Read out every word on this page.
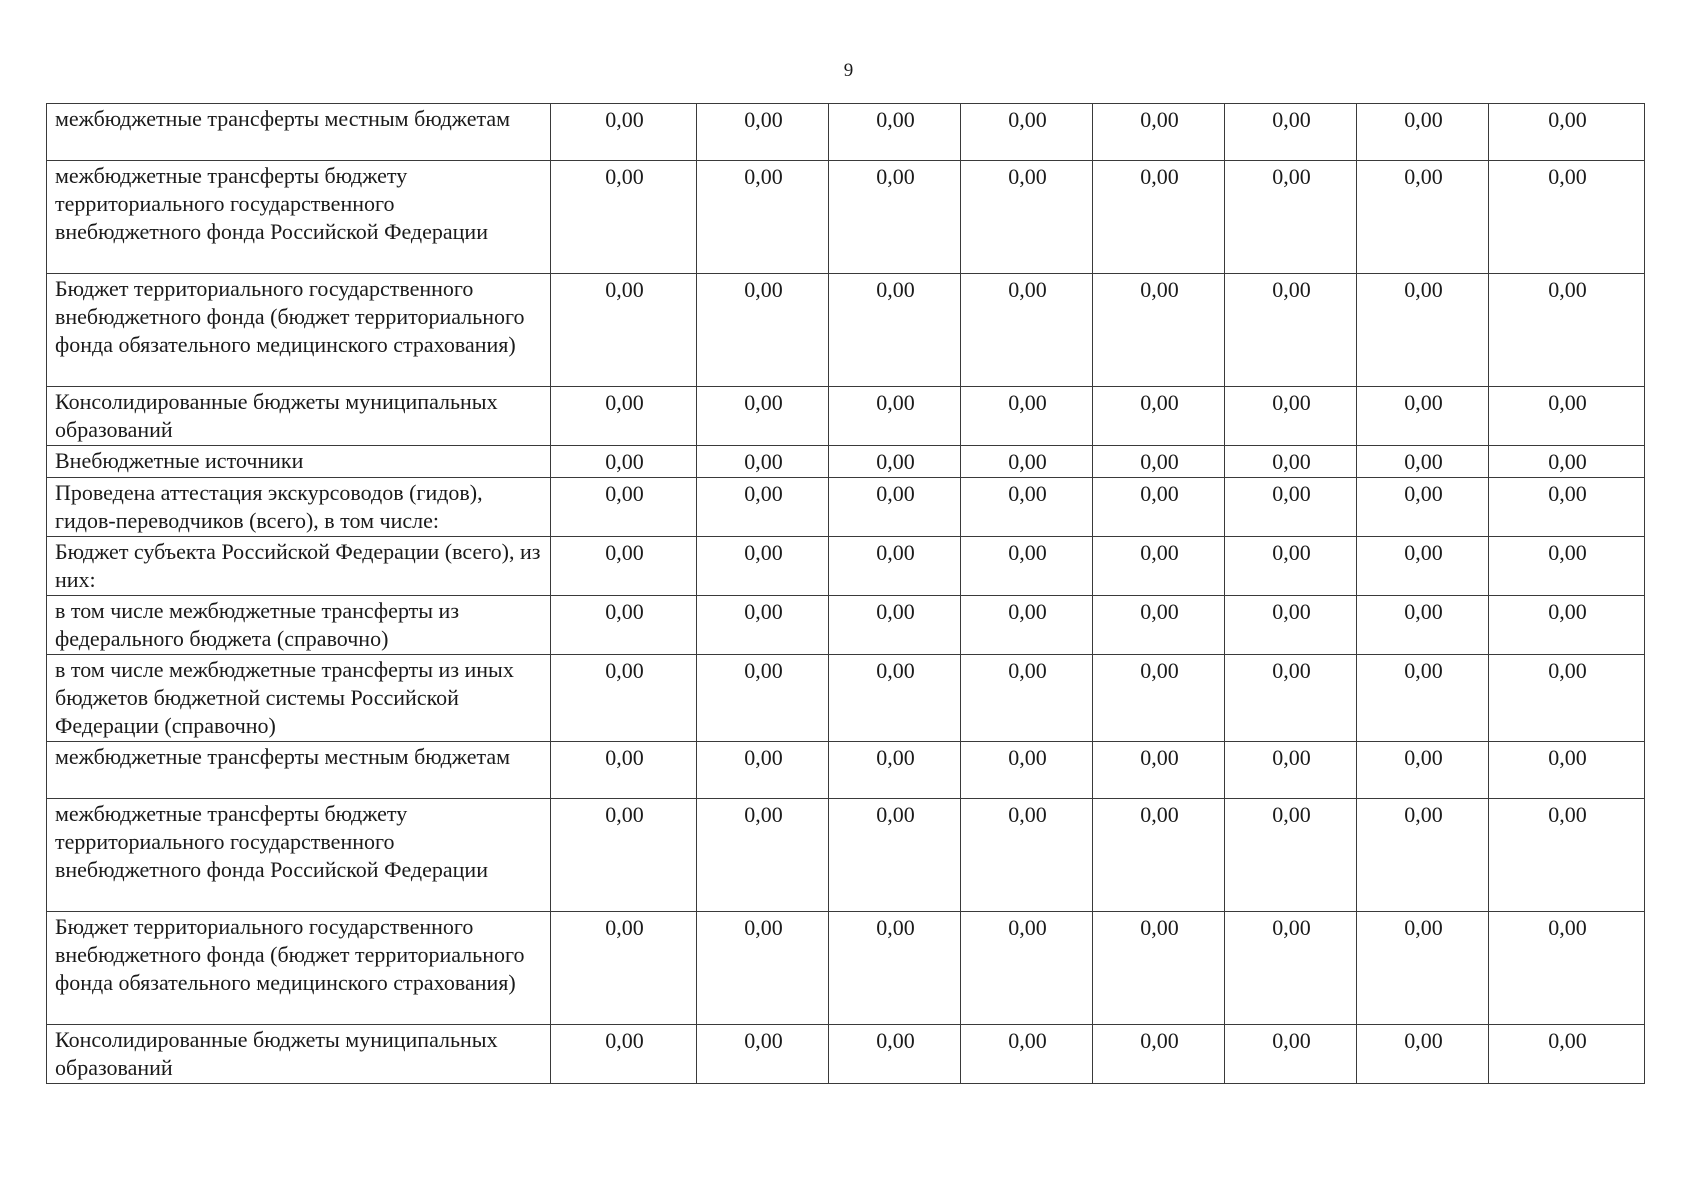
9
межбюджетные трансферты местным бюджетам	0,00	0,00	0,00	0,00	0,00	0,00	0,00	0,00
межбюджетные трансферты бюджету территориального государственного внебюджетного фонда Российской Федерации	0,00	0,00	0,00	0,00	0,00	0,00	0,00	0,00
Бюджет территориального государственного внебюджетного фонда (бюджет территориального фонда обязательного медицинского страхования)	0,00	0,00	0,00	0,00	0,00	0,00	0,00	0,00
Консолидированные бюджеты муниципальных образований	0,00	0,00	0,00	0,00	0,00	0,00	0,00	0,00
Внебюджетные источники	0,00	0,00	0,00	0,00	0,00	0,00	0,00	0,00
Проведена аттестация экскурсоводов (гидов), гидов-переводчиков (всего), в том числе:	0,00	0,00	0,00	0,00	0,00	0,00	0,00	0,00
Бюджет субъекта Российской Федерации (всего), из них:	0,00	0,00	0,00	0,00	0,00	0,00	0,00	0,00
в том числе межбюджетные трансферты из федерального бюджета (справочно)	0,00	0,00	0,00	0,00	0,00	0,00	0,00	0,00
в том числе межбюджетные трансферты из иных бюджетов бюджетной системы Российской Федерации (справочно)	0,00	0,00	0,00	0,00	0,00	0,00	0,00	0,00
межбюджетные трансферты местным бюджетам	0,00	0,00	0,00	0,00	0,00	0,00	0,00	0,00
межбюджетные трансферты бюджету территориального государственного внебюджетного фонда Российской Федерации	0,00	0,00	0,00	0,00	0,00	0,00	0,00	0,00
Бюджет территориального государственного внебюджетного фонда (бюджет территориального фонда обязательного медицинского страхования)	0,00	0,00	0,00	0,00	0,00	0,00	0,00	0,00
Консолидированные бюджеты муниципальных образований	0,00	0,00	0,00	0,00	0,00	0,00	0,00	0,00
